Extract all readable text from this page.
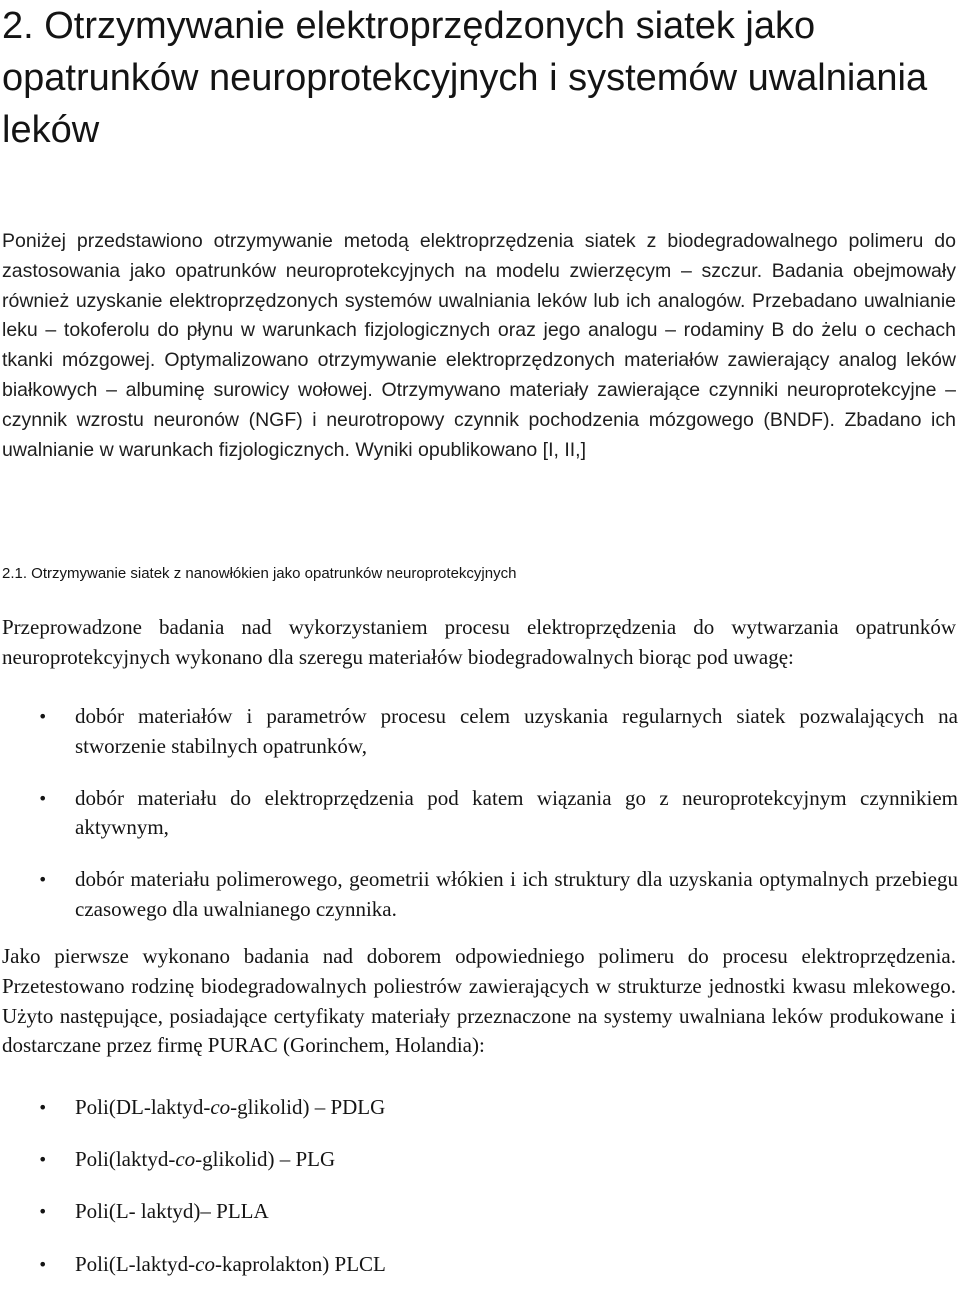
2. Otrzymywanie elektroprzędzonych siatek jako opatrunków neuroprotekcyjnych i systemów uwalniania leków

Poniżej przedstawiono otrzymywanie metodą elektroprzędzenia siatek z biodegradowalnego polimeru do zastosowania jako opatrunków neuroprotekcyjnych na modelu zwierzęcym – szczur. Badania obejmowały również uzyskanie elektroprzędzonych systemów uwalniania leków lub ich analogów. Przebadano uwalnianie leku – tokoferolu do płynu w warunkach fizjologicznych oraz jego analogu – rodaminy B do żelu o cechach tkanki mózgowej. Optymalizowano otrzymywanie elektroprzędzonych materiałów zawierający analog leków białkowych – albuminę surowicy wołowej. Otrzymywano materiały zawierające czynniki neuroprotekcyjne – czynnik wzrostu neuronów (NGF) i neurotropowy czynnik pochodzenia mózgowego (BNDF). Zbadano ich uwalnianie w warunkach fizjologicznych. Wyniki opublikowano [I, II,]

2.1. Otrzymywanie siatek z nanowłókien jako opatrunków neuroprotekcyjnych

Przeprowadzone badania nad wykorzystaniem procesu elektroprzędzenia do wytwarzania opatrunków neuroprotekcyjnych wykonano dla szeregu materiałów biodegradowalnych biorąc pod uwagę:

• dobór materiałów i parametrów procesu celem uzyskania regularnych siatek pozwalających na stworzenie stabilnych opatrunków,
• dobór materiału do elektroprzędzenia pod katem wiązania go z neuroprotekcyjnym czynnikiem aktywnym,
• dobór materiału polimerowego, geometrii włókien i ich struktury dla uzyskania optymalnych przebiegu czasowego dla uwalnianego czynnika.

Jako pierwsze wykonano badania nad doborem odpowiedniego polimeru do procesu elektroprzędzenia. Przetestowano rodzinę biodegradowalnych poliestrów zawierających w strukturze jednostki kwasu mlekowego. Użyto następujące, posiadające certyfikaty materiały przeznaczone na systemy uwalniana leków produkowane i dostarczane przez firmę PURAC (Gorinchem, Holandia):

• Poli(DL-laktyd-co-glikolid) – PDLG
• Poli(laktyd-co-glikolid) – PLG
• Poli(L- laktyd)– PLLA
• Poli(L-laktyd-co-kaprolakton) PLCL
